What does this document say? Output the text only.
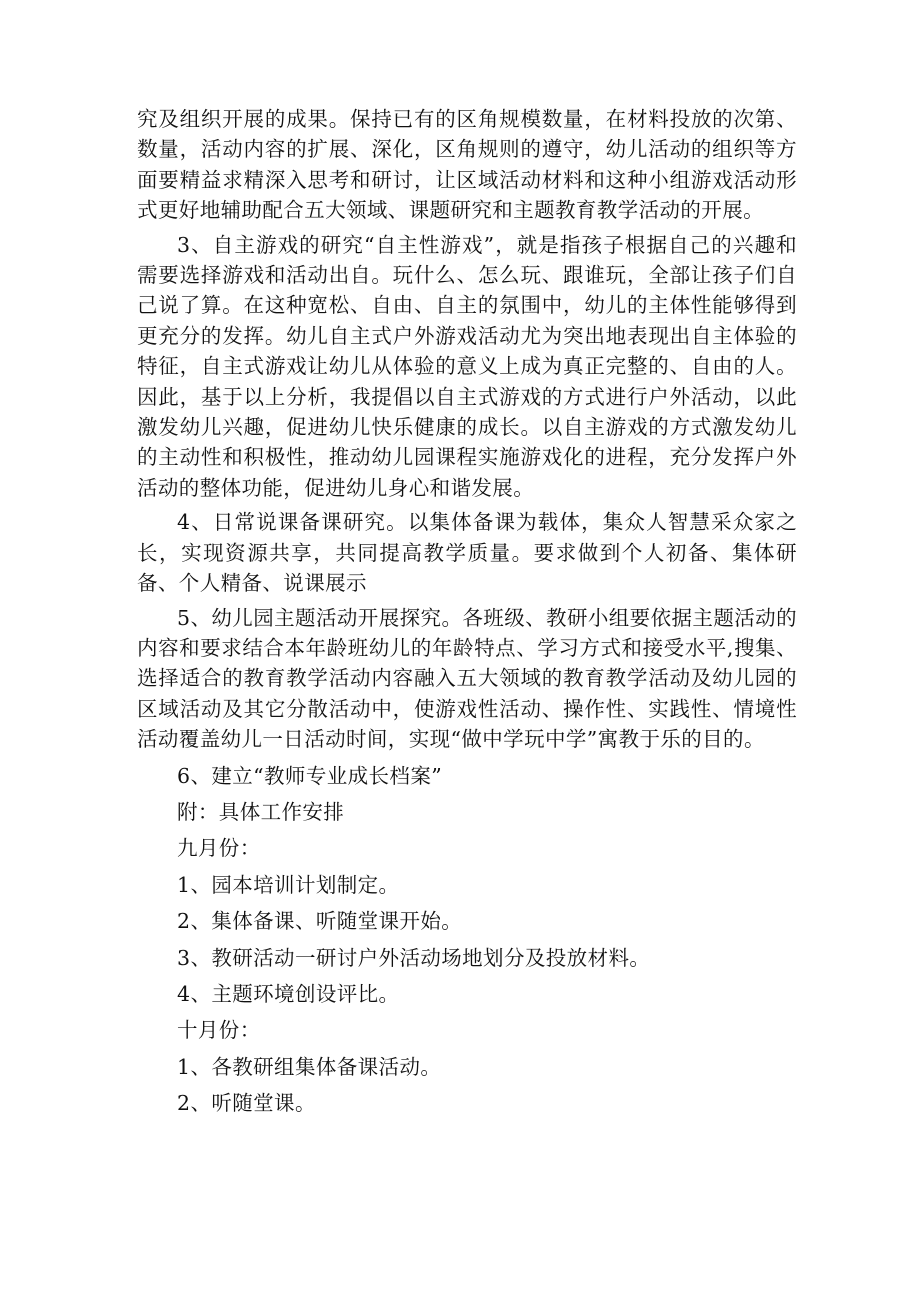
究及组织开展的成果。保持已有的区角规模数量，在材料投放的次第、数量，活动内容的扩展、深化，区角规则的遵守，幼儿活动的组织等方面要精益求精深入思考和研讨，让区域活动材料和这种小组游戏活动形式更好地辅助配合五大领域、课题研究和主题教育教学活动的开展。

3、自主游戏的研究“自主性游戏”，就是指孩子根据自己的兴趣和需要选择游戏和活动出自。玩什么、怎么玩、跟谁玩，全部让孩子们自己说了算。在这种宽松、自由、自主的氛围中，幼儿的主体性能够得到更充分的发挥。幼儿自主式户外游戏活动尤为突出地表现出自主体验的特征，自主式游戏让幼儿从体验的意义上成为真正完整的、自由的人。因此，基于以上分析，我提倡以自主式游戏的方式进行户外活动，以此激发幼儿兴趣，促进幼儿快乐健康的成长。以自主游戏的方式激发幼儿的主动性和积极性，推动幼儿园课程实施游戏化的进程，充分发挥户外活动的整体功能，促进幼儿身心和谐发展。

4、日常说课备课研究。以集体备课为载体，集众人智慧采众家之长，实现资源共享，共同提高教学质量。要求做到个人初备、集体研备、个人精备、说课展示

5、幼儿园主题活动开展探究。各班级、教研小组要依据主题活动的内容和要求结合本年龄班幼儿的年龄特点、学习方式和接受水平,搜集、选择适合的教育教学活动内容融入五大领域的教育教学活动及幼儿园的区域活动及其它分散活动中，使游戏性活动、操作性、实践性、情境性活动覆盖幼儿一日活动时间，实现“做中学玩中学”寓教于乐的目的。

6、建立“教师专业成长档案”

附：具体工作安排

九月份：

1、园本培训计划制定。

2、集体备课、听随堂课开始。

3、教研活动一研讨户外活动场地划分及投放材料。

4、主题环境创设评比。

十月份：

1、各教研组集体备课活动。

2、听随堂课。
